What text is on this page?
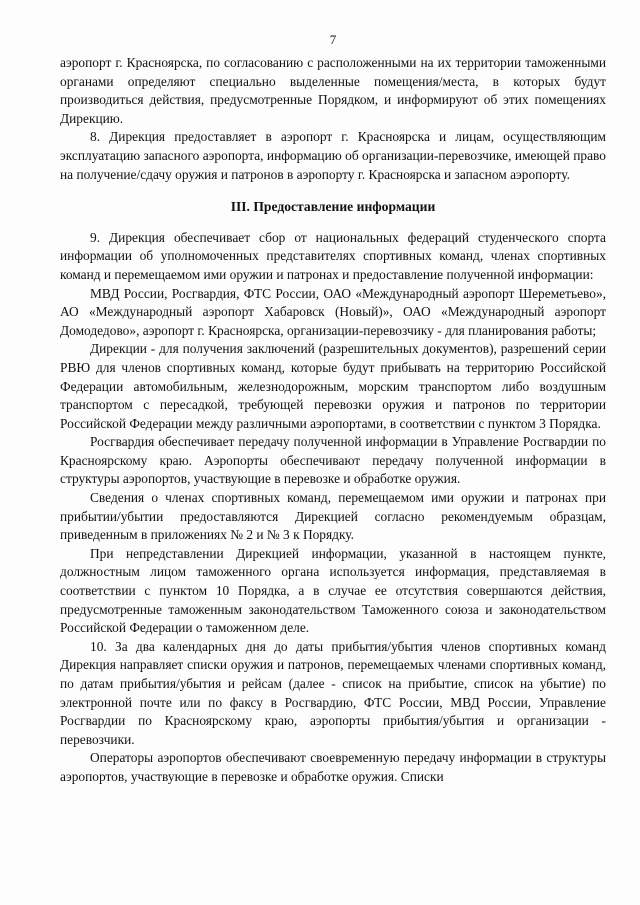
7

аэропорт г. Красноярска, по согласованию с расположенными на их территории таможенными органами определяют специально выделенные помещения/места, в которых будут производиться действия, предусмотренные Порядком, и информируют об этих помещениях Дирекцию.

8. Дирекция предоставляет в аэропорт г. Красноярска и лицам, осуществляющим эксплуатацию запасного аэропорта, информацию об организации-перевозчике, имеющей право на получение/сдачу оружия и патронов в аэропорту г. Красноярска и запасном аэропорту.

III. Предоставление информации

9. Дирекция обеспечивает сбор от национальных федераций студенческого спорта информации об уполномоченных представителях спортивных команд, членах спортивных команд и перемещаемом ими оружии и патронах и предоставление полученной информации:

МВД России, Росгвардия, ФТС России, ОАО «Международный аэропорт Шереметьево», АО «Международный аэропорт Хабаровск (Новый)», ОАО «Международный аэропорт Домодедово», аэропорт г. Красноярска, организации-перевозчику - для планирования работы;

Дирекции - для получения заключений (разрешительных документов), разрешений серии РВЮ для членов спортивных команд, которые будут прибывать на территорию Российской Федерации автомобильным, железнодорожным, морским транспортом либо воздушным транспортом с пересадкой, требующей перевозки оружия и патронов по территории Российской Федерации между различными аэропортами, в соответствии с пунктом 3 Порядка.

Росгвардия обеспечивает передачу полученной информации в Управление Росгвардии по Красноярскому краю. Аэропорты обеспечивают передачу полученной информации в структуры аэропортов, участвующие в перевозке и обработке оружия.

Сведения о членах спортивных команд, перемещаемом ими оружии и патронах при прибытии/убытии предоставляются Дирекцией согласно рекомендуемым образцам, приведенным в приложениях № 2 и № 3 к Порядку.

При непредставлении Дирекцией информации, указанной в настоящем пункте, должностным лицом таможенного органа используется информация, представляемая в соответствии с пунктом 10 Порядка, а в случае ее отсутствия совершаются действия, предусмотренные таможенным законодательством Таможенного союза и законодательством Российской Федерации о таможенном деле.

10. За два календарных дня до даты прибытия/убытия членов спортивных команд Дирекция направляет списки оружия и патронов, перемещаемых членами спортивных команд, по датам прибытия/убытия и рейсам (далее - список на прибытие, список на убытие) по электронной почте или по факсу в Росгвардию, ФТС России, МВД России, Управление Росгвардии по Красноярскому краю, аэропорты прибытия/убытия и организации - перевозчики.

Операторы аэропортов обеспечивают своевременную передачу информации в структуры аэропортов, участвующие в перевозке и обработке оружия. Списки
